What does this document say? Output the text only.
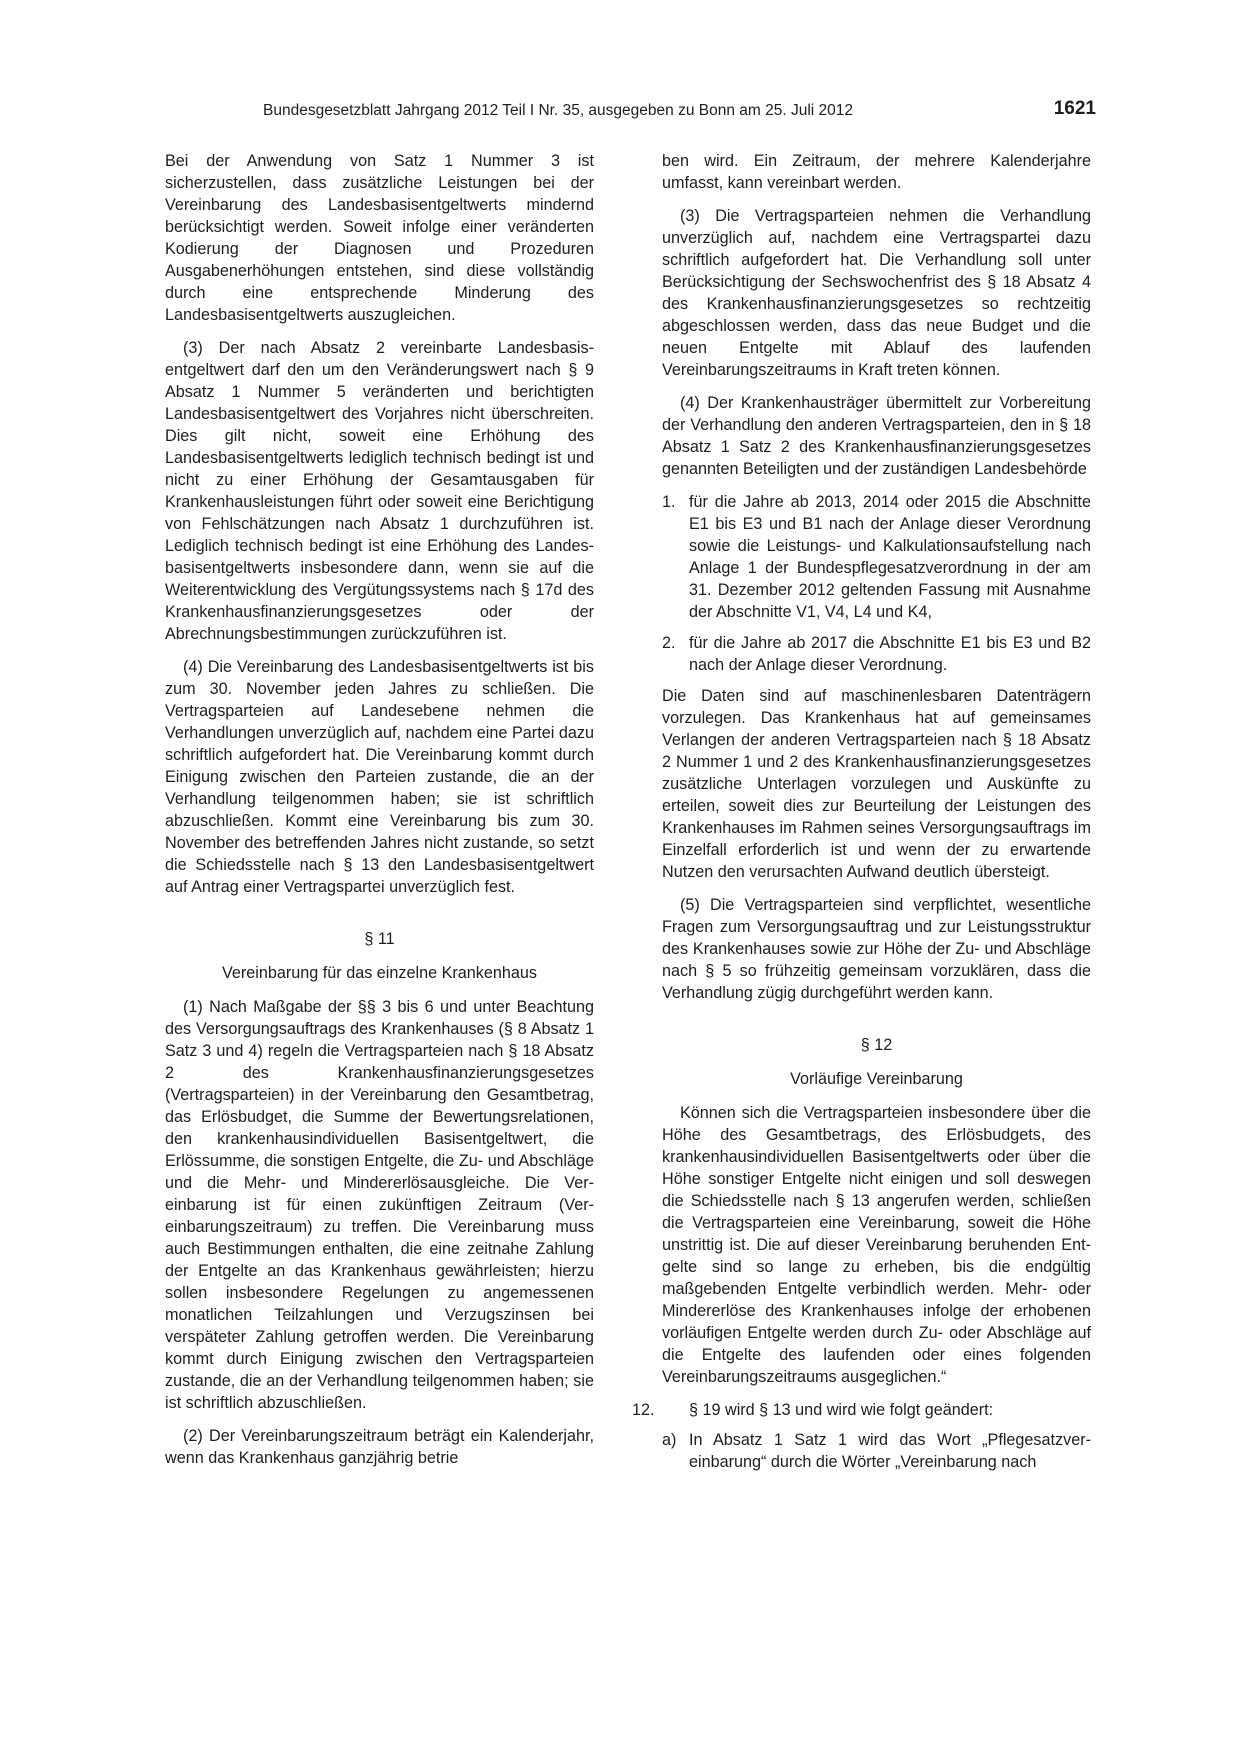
Bundesgesetzblatt Jahrgang 2012 Teil I Nr. 35, ausgegeben zu Bonn am 25. Juli 2012	1621

Bei der Anwendung von Satz 1 Nummer 3 ist sicherzustellen, dass zusätzliche Leistungen bei der Vereinbarung des Landesbasisentgeltwerts mindernd berücksichtigt werden. Soweit infolge einer veränderten Kodierung der Diagnosen und Prozeduren Ausgabenerhöhungen entstehen, sind diese vollständig durch eine entsprechende Minderung des Landesbasisentgeltwerts auszugleichen.

(3) Der nach Absatz 2 vereinbarte Landesbasisentgeltwert darf den um den Veränderungswert nach § 9 Absatz 1 Nummer 5 veränderten und berichtigten Landesbasisentgeltwert des Vorjahres nicht überschreiten. Dies gilt nicht, soweit eine Erhöhung des Landesbasisentgeltwerts lediglich technisch bedingt ist und nicht zu einer Erhöhung der Gesamtausgaben für Krankenhausleistungen führt oder soweit eine Berichtigung von Fehlschätzungen nach Absatz 1 durchzuführen ist. Lediglich technisch bedingt ist eine Erhöhung des Landesbasisentgeltwerts insbesondere dann, wenn sie auf die Weiterentwicklung des Vergütungssystems nach § 17d des Krankenhausfinanzierungsgesetzes oder der Abrechnungsbestimmungen zurückzuführen ist.

(4) Die Vereinbarung des Landesbasisentgeltwerts ist bis zum 30. November jeden Jahres zu schließen. Die Vertragsparteien auf Landesebene nehmen die Verhandlungen unverzüglich auf, nachdem eine Partei dazu schriftlich aufgefordert hat. Die Vereinbarung kommt durch Einigung zwischen den Parteien zustande, die an der Verhandlung teilgenommen haben; sie ist schriftlich abzuschließen. Kommt eine Vereinbarung bis zum 30. November des betreffenden Jahres nicht zustande, so setzt die Schiedsstelle nach § 13 den Landesbasisentgeltwert auf Antrag einer Vertragspartei unverzüglich fest.

§ 11
Vereinbarung für das einzelne Krankenhaus

(1) Nach Maßgabe der §§ 3 bis 6 und unter Beachtung des Versorgungsauftrags des Krankenhauses (§ 8 Absatz 1 Satz 3 und 4) regeln die Vertragsparteien nach § 18 Absatz 2 des Krankenhausfinanzierungsgesetzes (Vertragsparteien) in der Vereinbarung den Gesamtbetrag, das Erlösbudget, die Summe der Bewertungsrelationen, den krankenhausindividuellen Basisentgeltwert, die Erlössumme, die sonstigen Entgelte, die Zu- und Abschläge und die Mehr- und Mindererlösausgleiche. Die Vereinbarung ist für einen zukünftigen Zeitraum (Vereinbarungszeitraum) zu treffen. Die Vereinbarung muss auch Bestimmungen enthalten, die eine zeitnahe Zahlung der Entgelte an das Krankenhaus gewährleisten; hierzu sollen insbesondere Regelungen zu angemessenen monatlichen Teilzahlungen und Verzugszinsen bei verspäteter Zahlung getroffen werden. Die Vereinbarung kommt durch Einigung zwischen den Vertragsparteien zustande, die an der Verhandlung teilgenommen haben; sie ist schriftlich abzuschließen.

(2) Der Vereinbarungszeitraum beträgt ein Kalenderjahr, wenn das Krankenhaus ganzjährig betrie

ben wird. Ein Zeitraum, der mehrere Kalenderjahre umfasst, kann vereinbart werden.

(3) Die Vertragsparteien nehmen die Verhandlung unverzüglich auf, nachdem eine Vertragspartei dazu schriftlich aufgefordert hat. Die Verhandlung soll unter Berücksichtigung der Sechswochenfrist des § 18 Absatz 4 des Krankenhausfinanzierungsgesetzes so rechtzeitig abgeschlossen werden, dass das neue Budget und die neuen Entgelte mit Ablauf des laufenden Vereinbarungszeitraums in Kraft treten können.

(4) Der Krankenhausträger übermittelt zur Vorbereitung der Verhandlung den anderen Vertragsparteien, den in § 18 Absatz 1 Satz 2 des Krankenhausfinanzierungsgesetzes genannten Beteiligten und der zuständigen Landesbehörde

1. für die Jahre ab 2013, 2014 oder 2015 die Abschnitte E1 bis E3 und B1 nach der Anlage dieser Verordnung sowie die Leistungs- und Kalkulationsaufstellung nach Anlage 1 der Bundespflegesatzverordnung in der am 31. Dezember 2012 geltenden Fassung mit Ausnahme der Abschnitte V1, V4, L4 und K4,
2. für die Jahre ab 2017 die Abschnitte E1 bis E3 und B2 nach der Anlage dieser Verordnung.

Die Daten sind auf maschinenlesbaren Datenträgern vorzulegen. Das Krankenhaus hat auf gemeinsames Verlangen der anderen Vertragsparteien nach § 18 Absatz 2 Nummer 1 und 2 des Krankenhausfinanzierungsgesetzes zusätzliche Unterlagen vorzulegen und Auskünfte zu erteilen, soweit dies zur Beurteilung der Leistungen des Krankenhauses im Rahmen seines Versorgungsauftrags im Einzelfall erforderlich ist und wenn der zu erwartende Nutzen den verursachten Aufwand deutlich übersteigt.

(5) Die Vertragsparteien sind verpflichtet, wesentliche Fragen zum Versorgungsauftrag und zur Leistungsstruktur des Krankenhauses sowie zur Höhe der Zu- und Abschläge nach § 5 so frühzeitig gemeinsam vorzuklären, dass die Verhandlung zügig durchgeführt werden kann.

§ 12
Vorläufige Vereinbarung

Können sich die Vertragsparteien insbesondere über die Höhe des Gesamtbetrags, des Erlösbudgets, des krankenhausindividuellen Basisentgeltwerts oder über die Höhe sonstiger Entgelte nicht einigen und soll deswegen die Schiedsstelle nach § 13 angerufen werden, schließen die Vertragsparteien eine Vereinbarung, soweit die Höhe unstrittig ist. Die auf dieser Vereinbarung beruhenden Entgelte sind so lange zu erheben, bis die endgültig maßgebenden Entgelte verbindlich werden. Mehr- oder Mindererlöse des Krankenhauses infolge der erhobenen vorläufigen Entgelte werden durch Zu- oder Abschläge auf die Entgelte des laufenden oder eines folgenden Vereinbarungszeitraums ausgeglichen.“

12. § 19 wird § 13 und wird wie folgt geändert:
a) In Absatz 1 Satz 1 wird das Wort „Pflegesatzvereinbarung“ durch die Wörter „Vereinbarung nach
